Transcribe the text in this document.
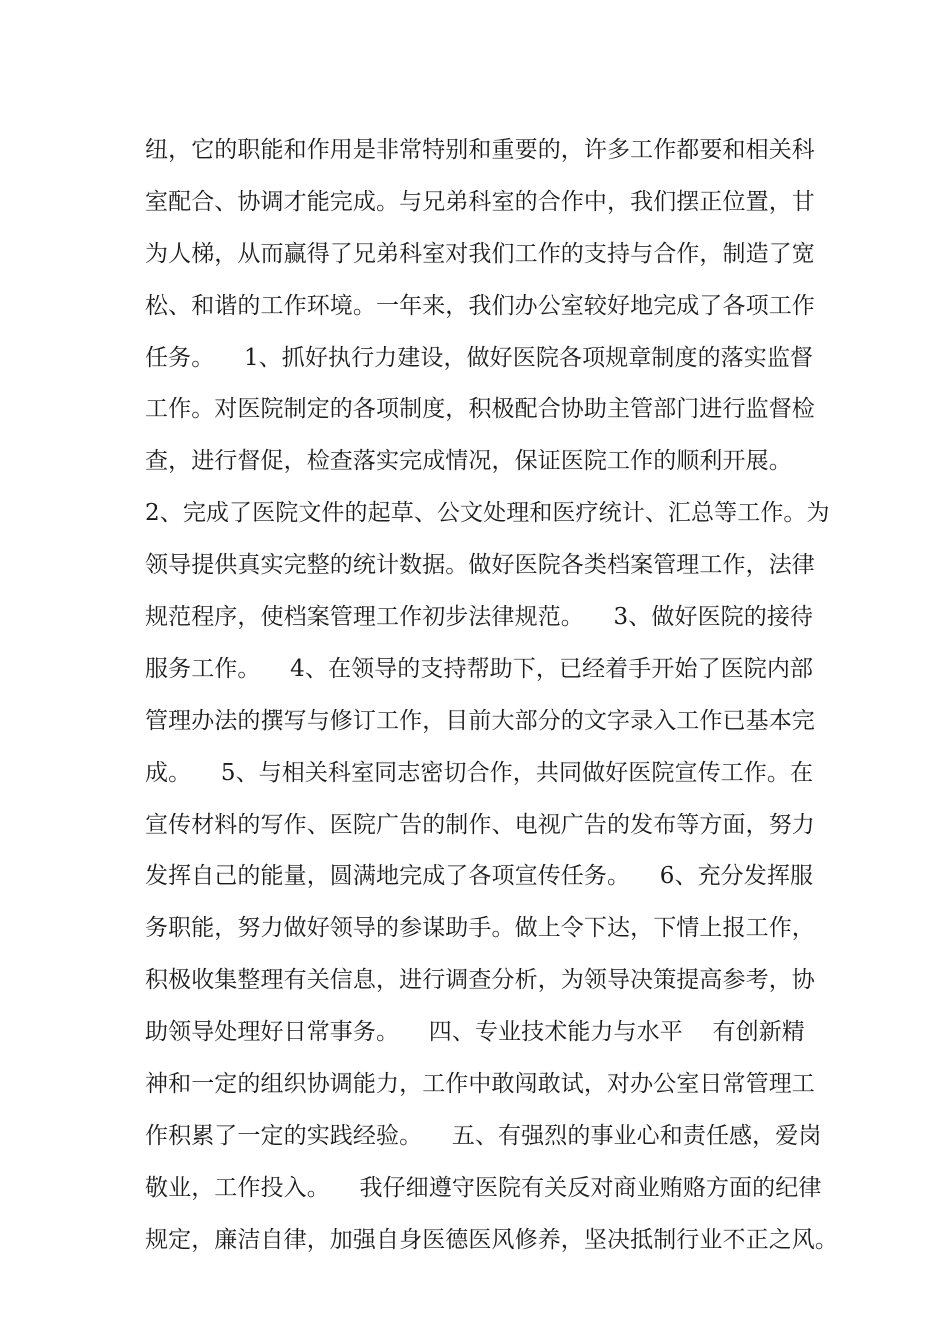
纽，它的职能和作用是非常特别和重要的，许多工作都要和相关科
室配合、协调才能完成。与兄弟科室的合作中，我们摆正位置，甘
为人梯，从而赢得了兄弟科室对我们工作的支持与合作，制造了宽
松、和谐的工作环境。一年来，我们办公室较好地完成了各项工作
任务。    1、抓好执行力建设，做好医院各项规章制度的落实监督
工作。对医院制定的各项制度，积极配合协助主管部门进行监督检
查，进行督促，检查落实完成情况，保证医院工作的顺利开展。
2、完成了医院文件的起草、公文处理和医疗统计、汇总等工作。为
领导提供真实完整的统计数据。做好医院各类档案管理工作，法律
规范程序，使档案管理工作初步法律规范。    3、做好医院的接待
服务工作。    4、在领导的支持帮助下，已经着手开始了医院内部
管理办法的撰写与修订工作，目前大部分的文字录入工作已基本完
成。    5、与相关科室同志密切合作，共同做好医院宣传工作。在
宣传材料的写作、医院广告的制作、电视广告的发布等方面，努力
发挥自己的能量，圆满地完成了各项宣传任务。    6、充分发挥服
务职能，努力做好领导的参谋助手。做上令下达，下情上报工作，
积极收集整理有关信息，进行调查分析，为领导决策提高参考，协
助领导处理好日常事务。    四、专业技术能力与水平    有创新精
神和一定的组织协调能力，工作中敢闯敢试，对办公室日常管理工
作积累了一定的实践经验。    五、有强烈的事业心和责任感，爱岗
敬业，工作投入。    我仔细遵守医院有关反对商业贿赂方面的纪律
规定，廉洁自律，加强自身医德医风修养，坚决抵制行业不正之风。
